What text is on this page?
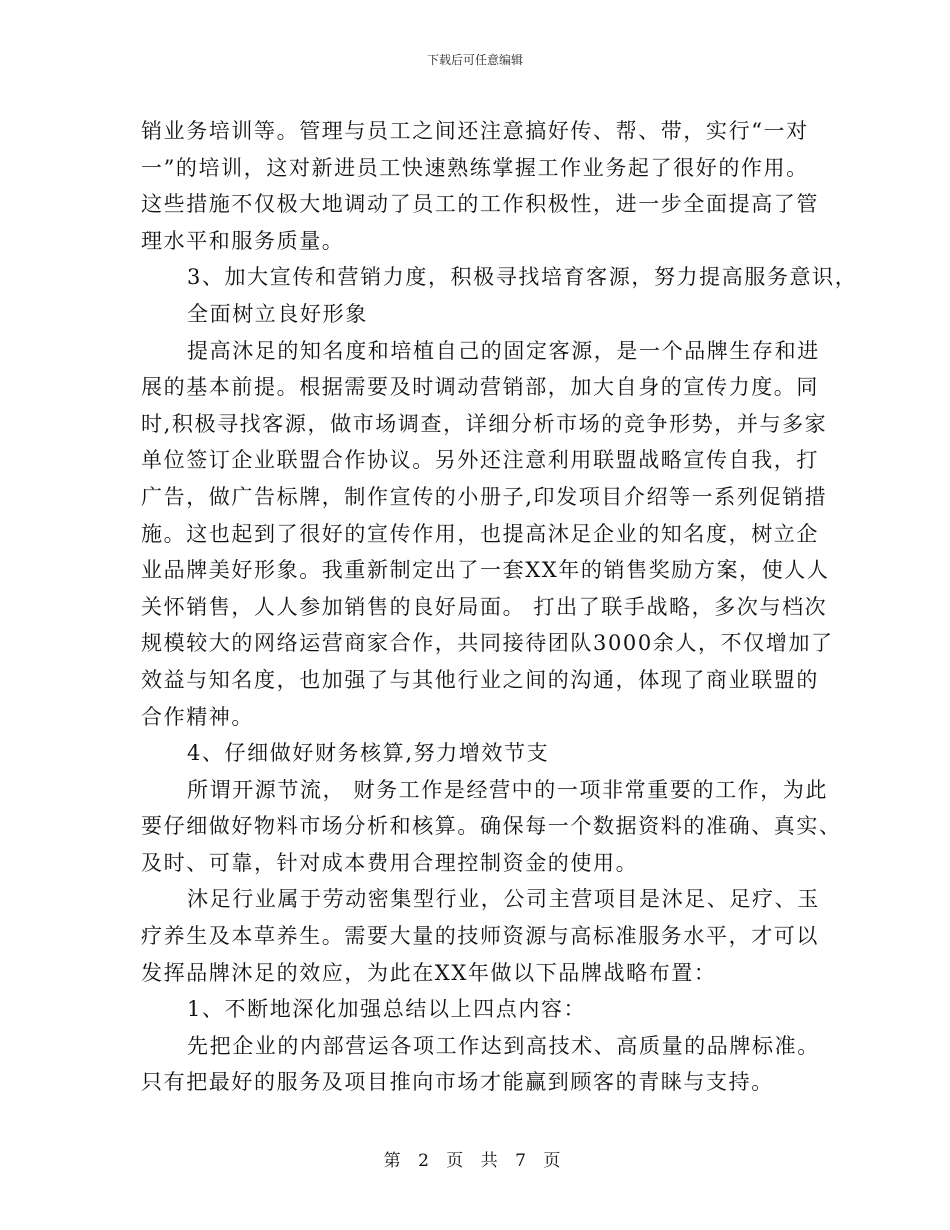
下载后可任意编辑
销业务培训等。管理与员工之间还注意搞好传、帮、带，实行“一对
一”的培训，这对新进员工快速熟练掌握工作业务起了很好的作用。
这些措施不仅极大地调动了员工的工作积极性，进一步全面提高了管
理水平和服务质量。
3、加大宣传和营销力度，积极寻找培育客源，努力提高服务意识，
全面树立良好形象
提高沐足的知名度和培植自己的固定客源，是一个品牌生存和进
展的基本前提。根据需要及时调动营销部，加大自身的宣传力度。同
时,积极寻找客源，做市场调查，详细分析市场的竞争形势，并与多家
单位签订企业联盟合作协议。另外还注意利用联盟战略宣传自我，打
广告，做广告标牌，制作宣传的小册子,印发项目介绍等一系列促销措
施。这也起到了很好的宣传作用，也提高沐足企业的知名度，树立企
业品牌美好形象。我重新制定出了一套XX年的销售奖励方案，使人人
关怀销售，人人参加销售的良好局面。 打出了联手战略，多次与档次
规模较大的网络运营商家合作，共同接待团队3000余人，不仅增加了
效益与知名度，也加强了与其他行业之间的沟通，体现了商业联盟的
合作精神。
4、仔细做好财务核算,努力增效节支
所谓开源节流， 财务工作是经营中的一项非常重要的工作，为此
要仔细做好物料市场分析和核算。确保每一个数据资料的准确、真实、
及时、可靠，针对成本费用合理控制资金的使用。
沐足行业属于劳动密集型行业，公司主营项目是沐足、足疗、玉
疗养生及本草养生。需要大量的技师资源与高标准服务水平，才可以
发挥品牌沐足的效应，为此在XX年做以下品牌战略布置：
1、不断地深化加强总结以上四点内容：
先把企业的内部营运各项工作达到高技术、高质量的品牌标准。
只有把最好的服务及项目推向市场才能赢到顾客的青睐与支持。
第 2 页 共 7 页
